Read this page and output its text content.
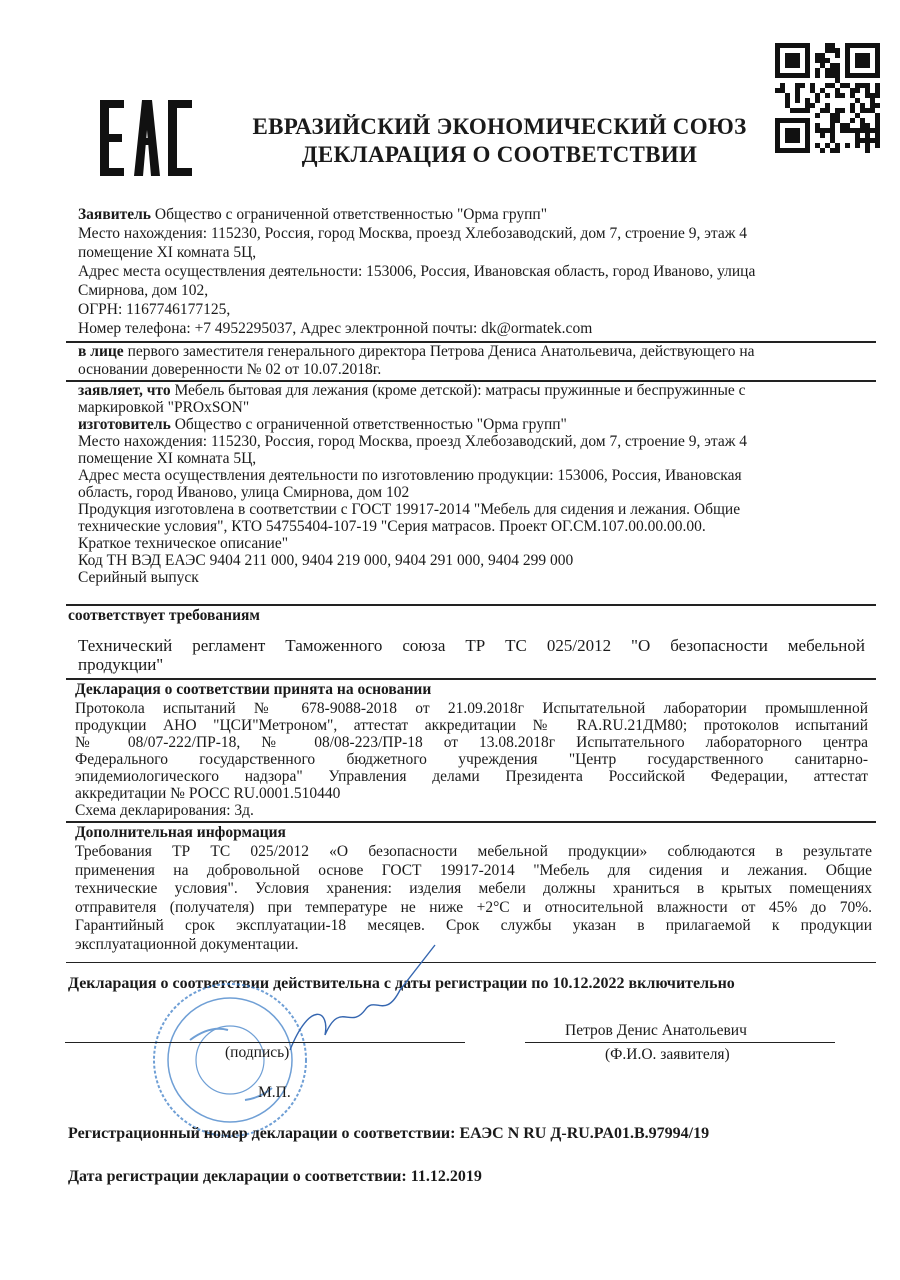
ЕВРАЗИЙСКИЙ ЭКОНОМИЧЕСКИЙ СОЮЗ
ДЕКЛАРАЦИЯ О СООТВЕТСТВИИ
Заявитель Общество с ограниченной ответственностью "Орма групп"
Место нахождения: 115230, Россия, город Москва, проезд Хлебозаводский, дом 7, строение 9, этаж 4
помещение XI комната 5Ц,
Адрес места осуществления деятельности: 153006, Россия, Ивановская область, город Иваново, улица
Смирнова, дом 102,
ОГРН: 1167746177125,
Номер телефона: +7 4952295037, Адрес электронной почты: dk@ormatek.com
в лице первого заместителя генерального директора Петрова Дениса Анатольевича, действующего на
основании доверенности № 02 от 10.07.2018г.
заявляет, что Мебель бытовая для лежания (кроме детской): матрасы пружинные и беспружинные с
маркировкой "PROxSON"
изготовитель Общество с ограниченной ответственностью "Орма групп"
Место нахождения: 115230, Россия, город Москва, проезд Хлебозаводский, дом 7, строение 9, этаж 4
помещение XI комната 5Ц,
Адрес места осуществления деятельности по изготовлению продукции: 153006, Россия, Ивановская
область, город Иваново, улица Смирнова, дом 102
Продукция изготовлена в соответствии с ГОСТ 19917-2014 "Мебель для сидения и лежания. Общие
технические условия", КТО 54755404-107-19 "Серия матрасов. Проект ОГ.СМ.107.00.00.00.00.
Краткое техническое описание"
Код ТН ВЭД ЕАЭС 9404 211 000, 9404 219 000, 9404 291 000, 9404 299 000
Серийный выпуск
соответствует требованиям
Технический регламент Таможенного союза ТР ТС 025/2012 "О безопасности мебельной
продукции"
Декларация о соответствии принята на основании
Протокола испытаний № 678-9088-2018 от 21.09.2018г Испытательной лаборатории промышленной
продукции АНО "ЦСИ"Метроном", аттестат аккредитации № RA.RU.21ДМ80; протоколов испытаний
№ 08/07-222/ПР-18, № 08/08-223/ПР-18 от 13.08.2018г Испытательного лабораторного центра
Федерального государственного бюджетного учреждения "Центр государственного санитарно-
эпидемиологического надзора" Управления делами Президента Российской Федерации, аттестат
аккредитации № РОСС RU.0001.510440
Схема декларирования: 3д.
Дополнительная информация
Требования ТР ТС 025/2012 «О безопасности мебельной продукции» соблюдаются в результате
применения на добровольной основе ГОСТ 19917-2014 "Мебель для сидения и лежания. Общие
технические условия". Условия хранения: изделия мебели должны храниться в крытых помещениях
отправителя (получателя) при температуре не ниже +2°С и относительной влажности от 45% до 70%.
Гарантийный срок эксплуатации-18 месяцев. Срок службы указан в прилагаемой к продукции
эксплуатационной документации.
Декларация о соответствии действительна с даты регистрации по 10.12.2022 включительно
(подпись)
М.П.
Петров Денис Анатольевич
(Ф.И.О. заявителя)
Регистрационный номер декларации о соответствии: ЕАЭС N RU Д-RU.PA01.B.97994/19
Дата регистрации декларации о соответствии: 11.12.2019
